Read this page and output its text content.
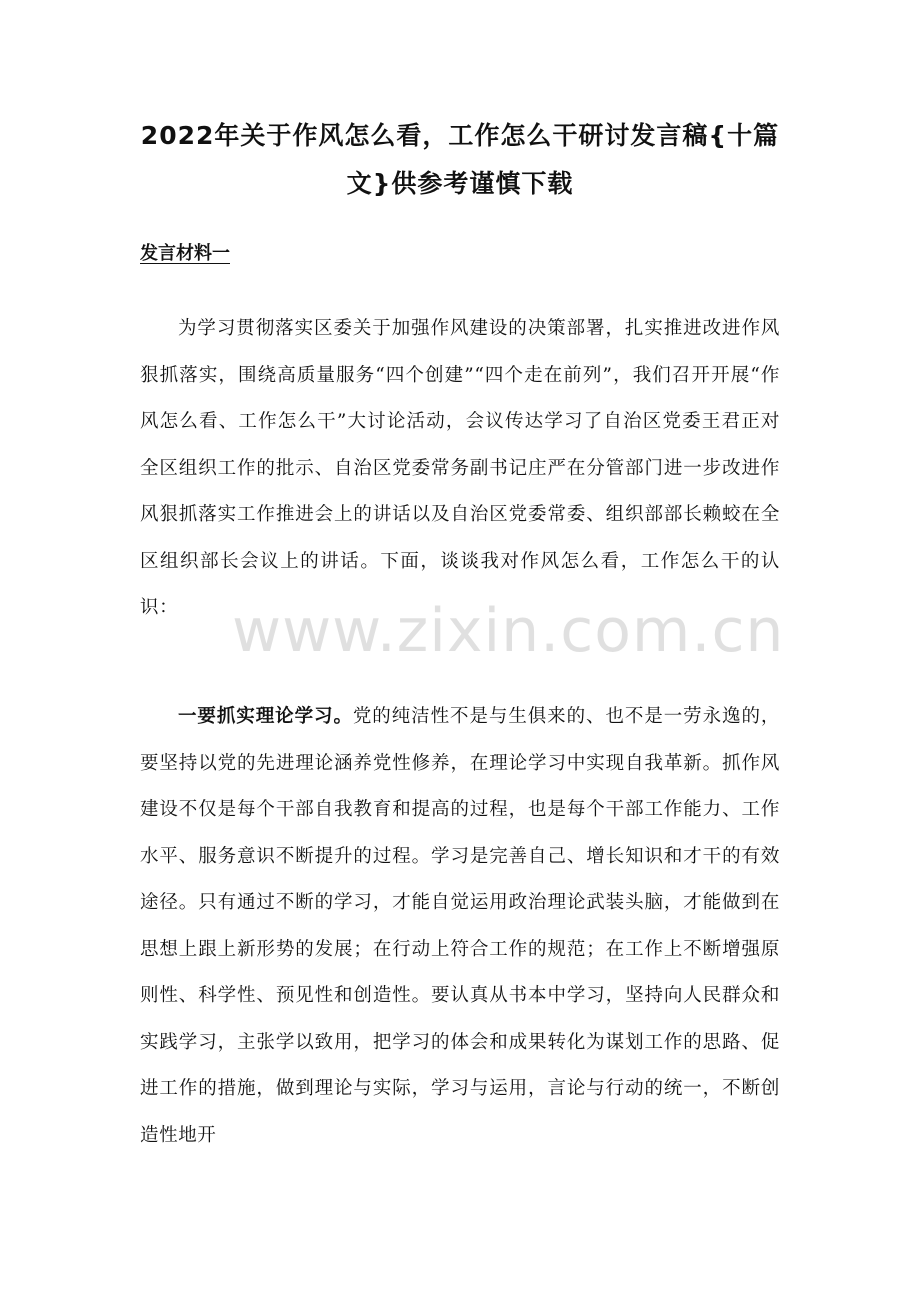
2022年关于作风怎么看，工作怎么干研讨发言稿{十篇文}供参考谨慎下载
发言材料一

为学习贯彻落实区委关于加强作风建设的决策部署，扎实推进改进作风狠抓落实，围绕高质量服务“四个创建”“四个走在前列”，我们召开开展“作风怎么看、工作怎么干”大讨论活动，会议传达学习了自治区党委王君正对全区组织工作的批示、自治区党委常务副书记庄严在分管部门进一步改进作风狠抓落实工作推进会上的讲话以及自治区党委常委、组织部部长赖蛟在全区组织部长会议上的讲话。下面，谈谈我对作风怎么看，工作怎么干的认识： www.zixin.com.cn

一要抓实理论学习。党的纯洁性不是与生俱来的、也不是一劳永逸的，要坚持以党的先进理论涵养党性修养，在理论学习中实现自我革新。抓作风建设不仅是每个干部自我教育和提高的过程，也是每个干部工作能力、工作水平、服务意识不断提升的过程。学习是完善自己、增长知识和才干的有效途径。只有通过不断的学习，才能自觉运用政治理论武装头脑，才能做到在思想上跟上新形势的发展；在行动上符合工作的规范；在工作上不断增强原则性、科学性、预见性和创造性。要认真从书本中学习，坚持向人民群众和实践学习，主张学以致用，把学习的体会和成果转化为谋划工作的思路、促进工作的措施，做到理论与实际，学习与运用，言论与行动的统一，不断创造性地开
